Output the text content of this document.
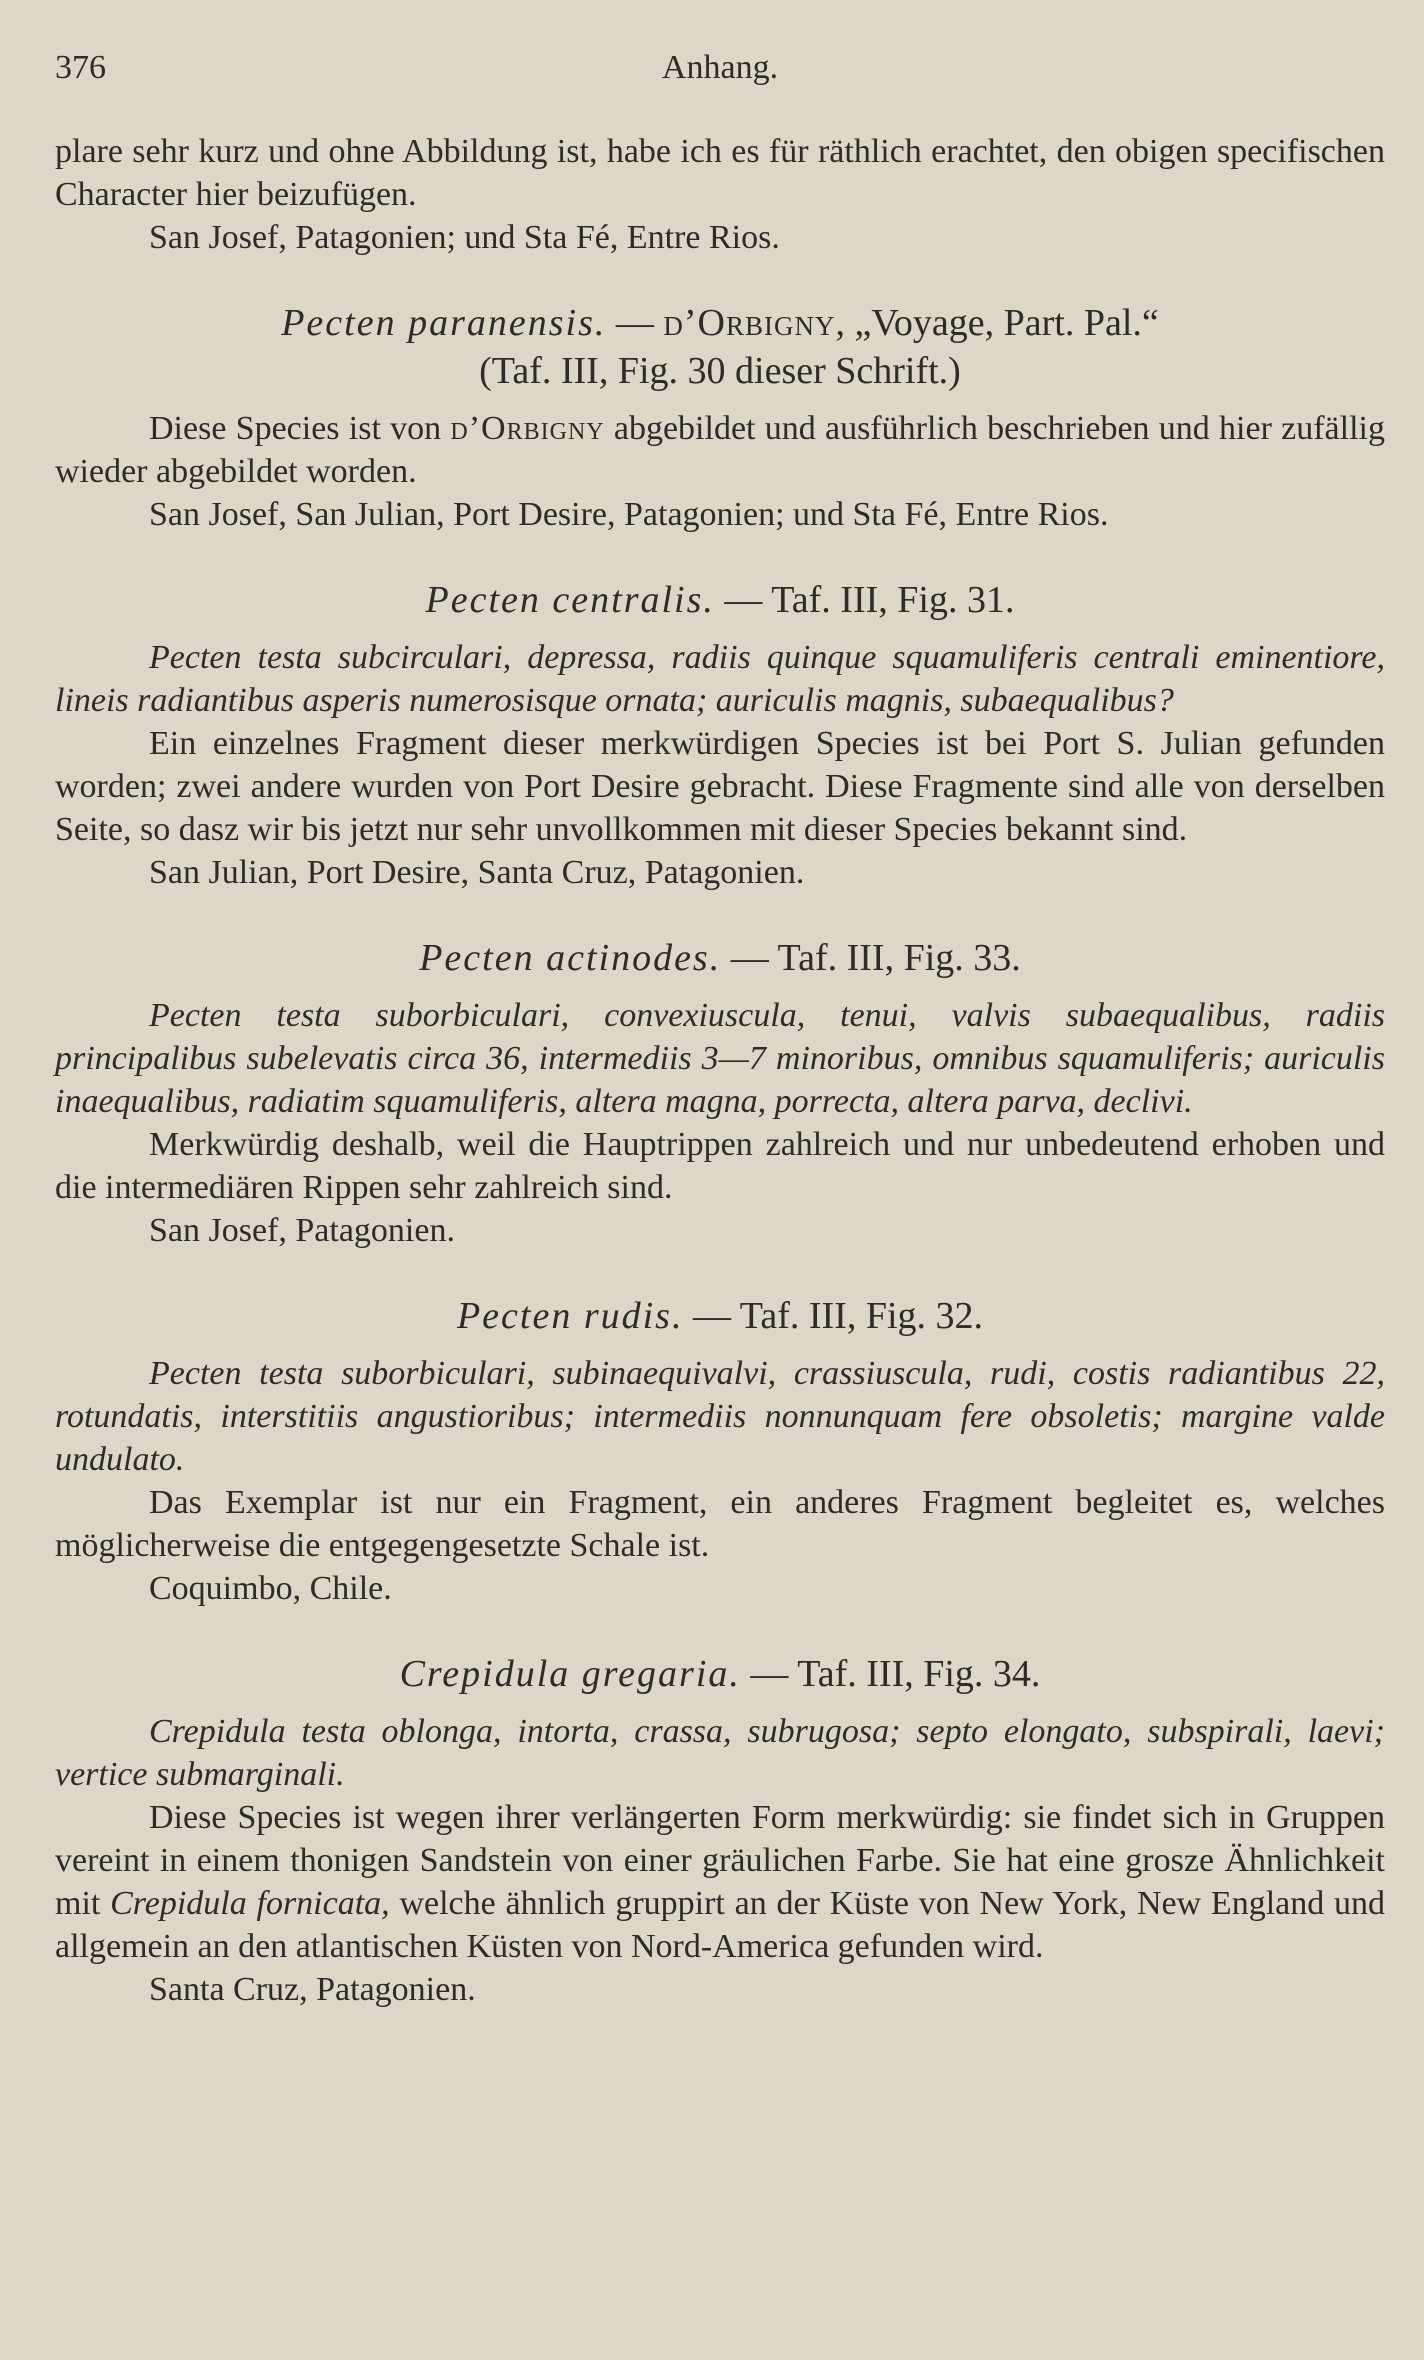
376	Anhang.

plare sehr kurz und ohne Abbildung ist, habe ich es für räthlich erachtet, den obigen specifischen Character hier beizufügen.

San Josef, Patagonien; und Sta Fé, Entre Rios.

Pecten paranensis. — d’Orbigny, „Voyage, Part. Pal.“
(Taf. III, Fig. 30 dieser Schrift.)

Diese Species ist von d’Orbigny abgebildet und ausführlich beschrieben und hier zufällig wieder abgebildet worden.

San Josef, San Julian, Port Desire, Patagonien; und Sta Fé, Entre Rios.

Pecten centralis. — Taf. III, Fig. 31.

Pecten testa subcirculari, depressa, radiis quinque squamuliferis centrali eminentiore, lineis radiantibus asperis numerosisque ornata; auriculis magnis, subaequalibus?

Ein einzelnes Fragment dieser merkwürdigen Species ist bei Port S. Julian gefunden worden; zwei andere wurden von Port Desire gebracht. Diese Fragmente sind alle von derselben Seite, so dasz wir bis jetzt nur sehr unvollkommen mit dieser Species bekannt sind.

San Julian, Port Desire, Santa Cruz, Patagonien.

Pecten actinodes. — Taf. III, Fig. 33.

Pecten testa suborbiculari, convexiuscula, tenui, valvis subaequalibus, radiis principalibus subelevatis circa 36, intermediis 3—7 minoribus, omnibus squamuliferis; auriculis inaequalibus, radiatim squamuliferis, altera magna, porrecta, altera parva, declivi.

Merkwürdig deshalb, weil die Hauptrippen zahlreich und nur unbedeutend erhoben und die intermediären Rippen sehr zahlreich sind.

San Josef, Patagonien.

Pecten rudis. — Taf. III, Fig. 32.

Pecten testa suborbiculari, subinaequivalvi, crassiuscula, rudi, costis radiantibus 22, rotundatis, interstitiis angustioribus; intermediis nonnunquam fere obsoletis; margine valde undulato.

Das Exemplar ist nur ein Fragment, ein anderes Fragment begleitet es, welches möglicherweise die entgegengesetzte Schale ist.

Coquimbo, Chile.

Crepidula gregaria. — Taf. III, Fig. 34.

Crepidula testa oblonga, intorta, crassa, subrugosa; septo elongato, subspirali, laevi; vertice submarginali.

Diese Species ist wegen ihrer verlängerten Form merkwürdig: sie findet sich in Gruppen vereint in einem thonigen Sandstein von einer gräulichen Farbe. Sie hat eine grosze Ähnlichkeit mit Crepidula fornicata, welche ähnlich gruppirt an der Küste von New York, New England und allgemein an den atlantischen Küsten von Nord-America gefunden wird.

Santa Cruz, Patagonien.
